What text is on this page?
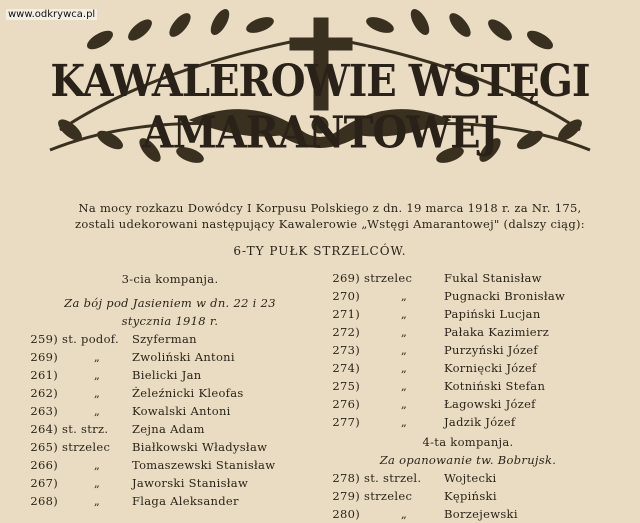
KAWALEROWIE WSTĘGI AMARANTOWEJ
www.odkrywca.pl
Na mocy rozkazu Dowódcy I Korpusu Polskiego z dn. 19 marca 1918 r. za Nr. 175,
zostali udekorowani następujący Kawalerowie „Wstęgi Amarantowej" (dalszy ciąg):
6-TY PUŁK STRZELCÓW.
3-cia kompanja.
Za bój pod Jasieniem w dn. 22 i 23
stycznia 1918 r.
259) st. podof. Szyferman
269)	„	Zwoliński Antoni
261)	„	Bielicki Jan
262)	„	Żeleźnicki Kleofas
263)	„	Kowalski Antoni
264) st. strz. Zejna Adam
265) strzelec Białkowski Władysław
266)	„	Tomaszewski Stanisław
267)	„	Jaworski Stanisław
268)	„	Flaga Aleksander
269) strzelec	Fukal Stanisław
270)	„	Pugnacki Bronisław
271)	„	Papiński Lucjan
272)	„	Pałaka Kazimierz
273)	„	Purzyński Józef
274)	„	Kornięcki Józef
275)	„	Kotniński Stefan
276)	„	Łagowski Józef
277)	„	Jadzik Józef
4-ta kompanja.
Za opanowanie tw. Bobrujsk.
278) st. strzel. Wojtecki
279) strzelec	Kępiński
280)	„	Borzejewski
